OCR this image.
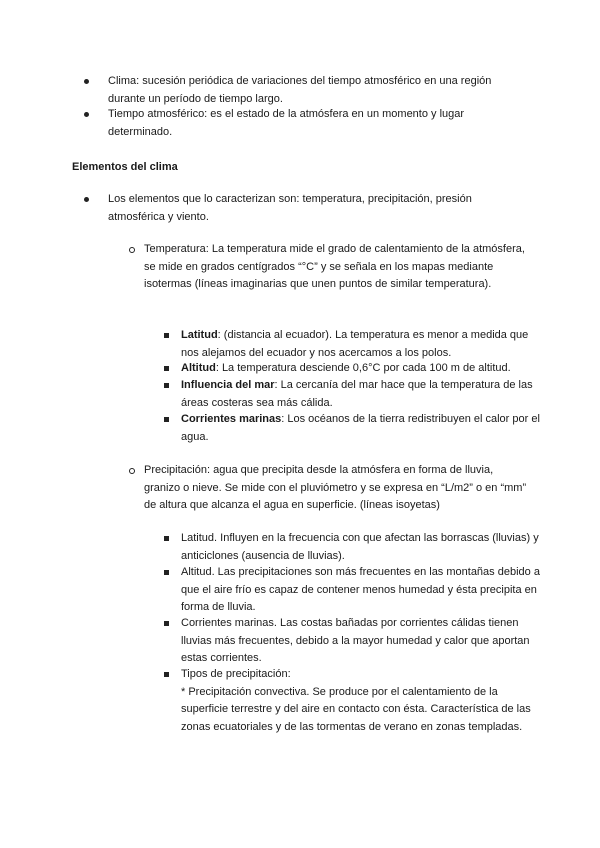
Clima: sucesión periódica de variaciones del tiempo atmosférico en una región durante un período de tiempo largo.
Tiempo atmosférico: es el estado de la atmósfera en un momento y lugar determinado.
Elementos del clima
Los elementos que lo caracterizan son: temperatura, precipitación, presión atmosférica y viento.
Temperatura: La temperatura mide el grado de calentamiento de la atmósfera, se mide en grados centígrados “°C” y se señala en los mapas mediante isotermas (líneas imaginarias que unen puntos de similar temperatura).
Latitud: (distancia al ecuador). La temperatura es menor a medida que nos alejamos del ecuador y nos acercamos a los polos.
Altitud: La temperatura desciende 0,6°C por cada 100 m de altitud.
Influencia del mar: La cercanía del mar hace que la temperatura de las áreas costeras sea más cálida.
Corrientes marinas: Los océanos de la tierra redistribuyen el calor por el agua.
Precipitación: agua que precipita desde la atmósfera en forma de lluvia, granizo o nieve. Se mide con el pluviómetro y se expresa en “L/m2” o en “mm” de altura que alcanza el agua en superficie. (líneas isoyetas)
Latitud. Influyen en la frecuencia con que afectan las borrascas (lluvias) y anticiclones (ausencia de lluvias).
Altitud. Las precipitaciones son más frecuentes en las montañas debido a que el aire frío es capaz de contener menos humedad y ésta precipita en forma de lluvia.
Corrientes marinas. Las costas bañadas por corrientes cálidas tienen lluvias más frecuentes, debido a la mayor humedad y calor que aportan estas corrientes.
Tipos de precipitación:
* Precipitación convectiva. Se produce por el calentamiento de la superficie terrestre y del aire en contacto con ésta. Característica de las zonas ecuatoriales y de las tormentas de verano en zonas templadas.
